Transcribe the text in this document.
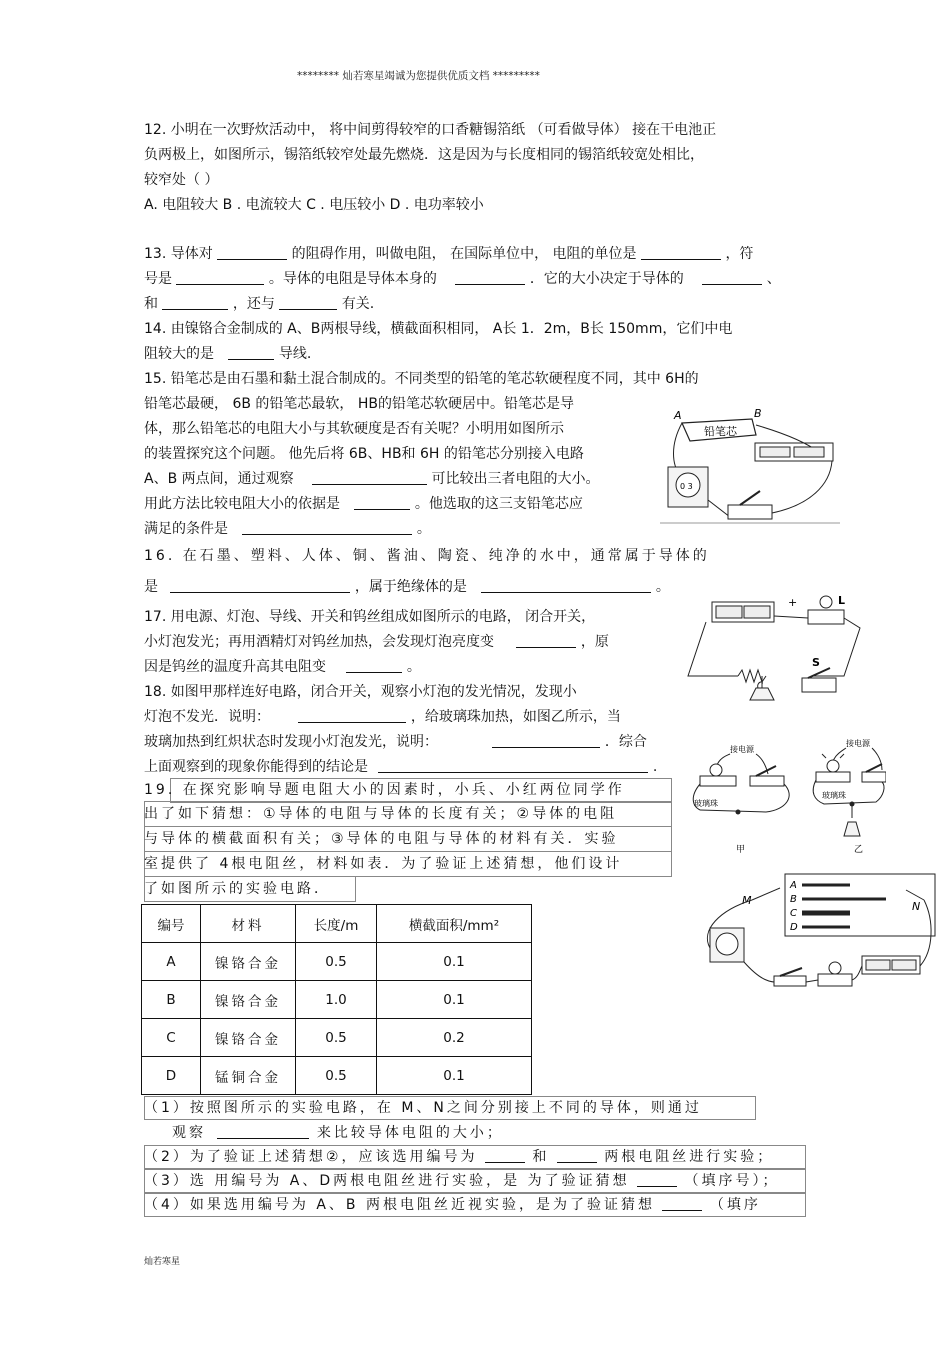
******** 灿若寒星竭诚为您提供优质文档 *********
12. 小明在一次野炊活动中， 将中间剪得较窄的口香糖锡箔纸 （可看做导体） 接在干电池正
负两极上，如图所示，锡箔纸较窄处最先燃烧．这是因为与长度相同的锡箔纸较宽处相比，
较窄处（ ）
A. 电阻较大 B . 电流较大 C . 电压较小 D . 电功率较小
13. 导体对	的阻碍作用，叫做电阻， 在国际单位中， 电阻的单位是	，符
号是	。导体的电阻是导体本身的	．它的大小决定于导体的	、
和	，还与	有关.
14. 由镍铬合金制成的 A、B两根导线，横截面积相同， A长 1．2m，B长 150mm，它们中电
阻较大的是	导线.
15. 铅笔芯是由石墨和黏土混合制成的。不同类型的铅笔的笔芯软硬程度不同，其中 6H的
铅笔芯最硬， 6B 的铅笔芯最软， HB的铅笔芯软硬居中。铅笔芯是导
体，那么铅笔芯的电阻大小与其软硬度是否有关呢？小明用如图所示
的装置探究这个问题。 他先后将 6B、HB和 6H 的铅笔芯分别接入电路
A、B 两点间，通过观察	可比较出三者电阻的大小。
用此方法比较电阻大小的依据是	。他选取的这三支铅笔芯应
满足的条件是	。
A	B
铅笔芯
0 3
16. 在石墨、塑料、人体、铜、酱油、陶瓷、纯净的水中，通常属于导体的
是	，属于绝缘体的是	。
17. 用电源、灯泡、导线、开关和钨丝组成如图所示的电路， 闭合开关，
小灯泡发光；再用酒精灯对钨丝加热，会发现灯泡亮度变	，原
因是钨丝的温度升高其电阻变	。
+	L
S
18. 如图甲那样连好电路，闭合开关，观察小灯泡的发光情况，发现小
灯泡不发光．说明：	，给玻璃珠加热，如图乙所示，当
玻璃加热到红炽状态时发现小灯泡发光，说明：	．综合
上面观察到的现象你能得到的结论是	.
接电源
玻璃珠
甲
接电源
玻璃珠
乙
19. 在探究影响导题电阻大小的因素时，小兵、小红两位同学作
出了如下猜想：①导体的电阻与导体的长度有关；②导体的电阻
与导体的横截面积有关；③导体的电阻与导体的材料有关．实验
室提供了 4根电阻丝，材料如表．为了验证上述猜想，他们设计
了如图所示的实验电路．
编号	材料	长度/m	横截面积/mm²
A	镍铬合金	0.5	0.1
B	镍铬合金	1.0	0.1
C	镍铬合金	0.5	0.2
D	锰铜合金	0.5	0.1
A
B
C
D
M	N
（1）按照图所示的实验电路，在 M、N之间分别接上不同的导体，则通过
观察	来比较导体电阻的大小；
（2）为了验证上述猜想②，应该选用编号为	和	两根电阻丝进行实验；
（3）选 用编号为 A、D两根电阻丝进行实验，是 为了验证猜想	（填序号）；
（4）如果选用编号为 A、B 两根电阻丝近视实验，是为了验证猜想	（填序
灿若寒星
